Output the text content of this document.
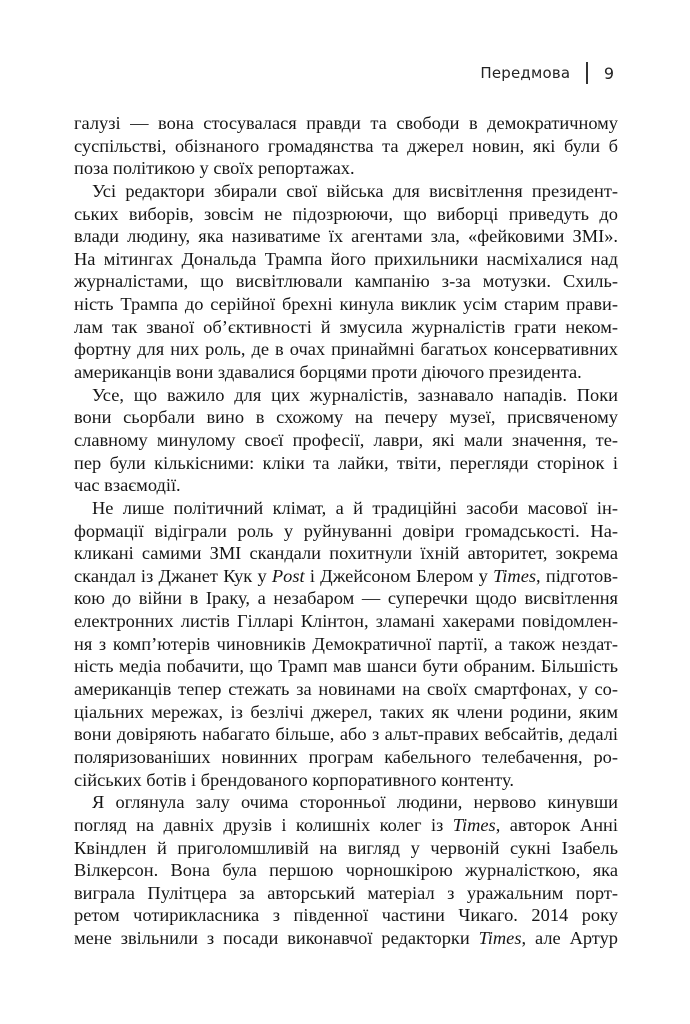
Передмова 9
галузі — вона стосувалася правди та свободи в демократичному
суспільстві, обізнаного громадянства та джерел новин, які були б
поза політикою у своїх репортажах.
Усі редактори збирали свої війська для висвітлення президент-
ських виборів, зовсім не підозрюючи, що виборці приведуть до
влади людину, яка називатиме їх агентами зла, «фейковими ЗМІ».
На мітингах Дональда Трампа його прихильники насміхалися над
журналістами, що висвітлювали кампанію з-за мотузки. Схиль-
ність Трампа до серійної брехні кинула виклик усім старим прави-
лам так званої об’єктивності й змусила журналістів грати неком-
фортну для них роль, де в очах принаймні багатьох консервативних
американців вони здавалися борцями проти діючого президента.
Усе, що важило для цих журналістів, зазнавало нападів. Поки
вони сьорбали вино в схожому на печеру музеї, присвяченому
славному минулому своєї професії, лаври, які мали значення, те-
пер були кількісними: кліки та лайки, твіти, перегляди сторінок і
час взаємодії.
Не лише політичний клімат, а й традиційні засоби масової ін-
формації відіграли роль у руйнуванні довіри громадськості. На-
кликані самими ЗМІ скандали похитнули їхній авторитет, зокрема
скандал із Джанет Кук у Post і Джейсоном Блером у Times, підготов-
кою до війни в Іраку, а незабаром — суперечки щодо висвітлення
електронних листів Гілларі Клінтон, зламані хакерами повідомлен-
ня з комп’ютерів чиновників Демократичної партії, а також нездат-
ність медіа побачити, що Трамп мав шанси бути обраним. Більшість
американців тепер стежать за новинами на своїх смартфонах, у со-
ціальних мережах, із безлічі джерел, таких як члени родини, яким
вони довіряють набагато більше, або з альт-правих вебсайтів, дедалі
поляризованіших новинних програм кабельного телебачення, ро-
сійських ботів і брендованого корпоративного контенту.
Я оглянула залу очима сторонньої людини, нервово кинувши
погляд на давніх друзів і колишніх колег із Times, авторок Анні
Квіндлен й приголомшливій на вигляд у червоній сукні Ізабель
Вілкерсон. Вона була першою чорношкірою журналісткою, яка
виграла Пулітцера за авторський матеріал з уражальним порт-
ретом чотирикласника з південної частини Чикаго. 2014 року
мене звільнили з посади виконавчої редакторки Times, але Артур
